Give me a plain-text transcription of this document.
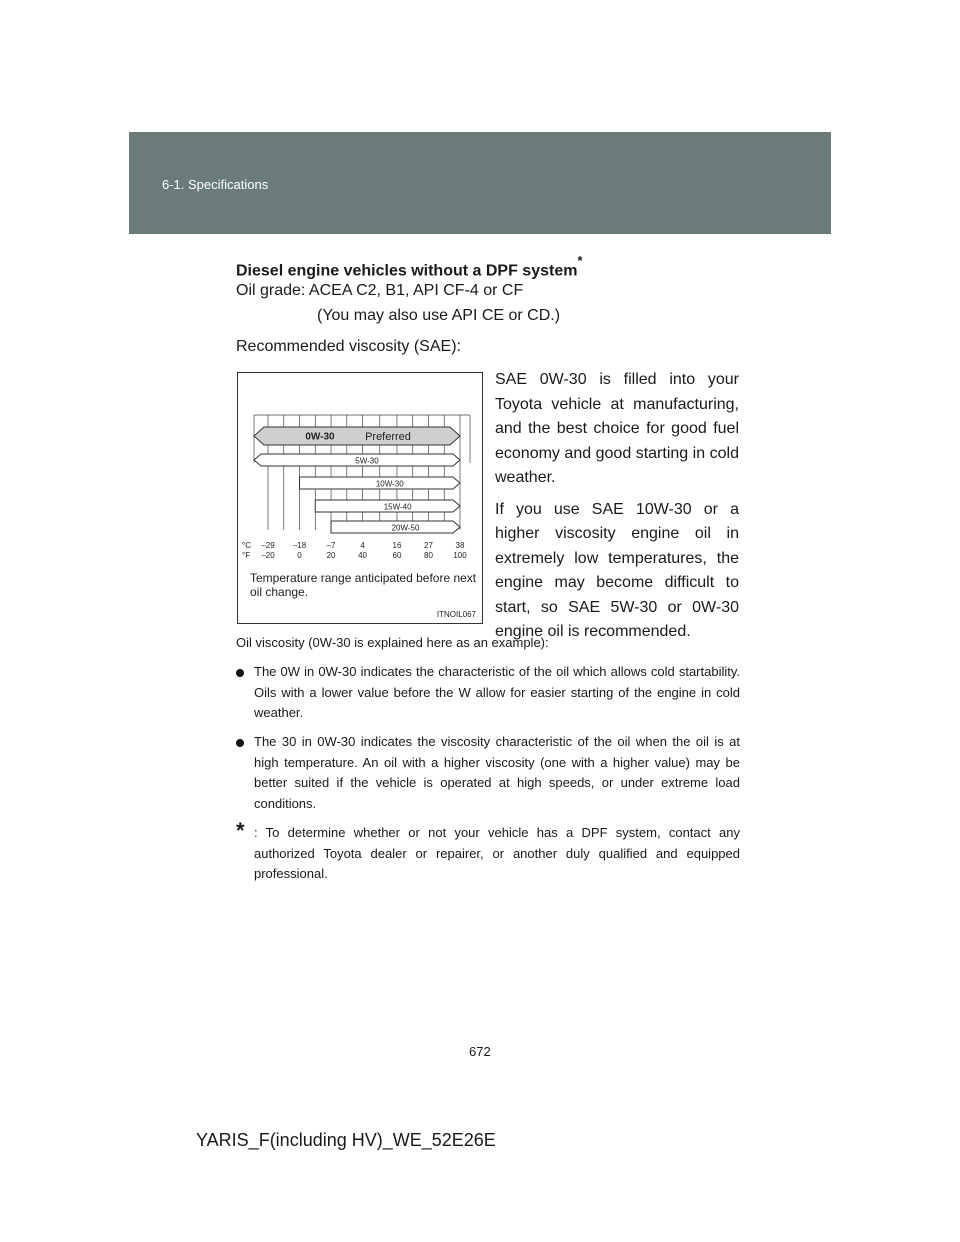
6-1. Specifications
Diesel engine vehicles without a DPF system*
Oil grade: ACEA C2, B1, API CF-4 or CF
(You may also use API CE or CD.)
Recommended viscosity (SAE):

SAE 0W-30 is filled into your Toyota vehicle at manufacturing, and the best choice for good fuel economy and good starting in cold weather.

If you use SAE 10W-30 or a higher viscosity engine oil in extremely low temperatures, the engine may become difficult to start, so SAE 5W-30 or 0W-30 engine oil is recommended.

0W-30	Preferred
5W-30
10W-30
15W-40
20W-50
°C
°F
–29 –18	–7	4	16	27	38
–20	0	20	40	60	80	100
Temperature range anticipated before next oil change.
ITNOIL067
Oil viscosity (0W-30 is explained here as an example):
The 0W in 0W-30 indicates the characteristic of the oil which allows cold startability. Oils with a lower value before the W allow for easier starting of the engine in cold weather.
The 30 in 0W-30 indicates the viscosity characteristic of the oil when the oil is at high temperature. An oil with a higher viscosity (one with a higher value) may be better suited if the vehicle is operated at high speeds, or under extreme load conditions.
* : To determine whether or not your vehicle has a DPF system, contact any authorized Toyota dealer or repairer, or another duly qualified and equipped professional.
672
YARIS_F(including HV)_WE_52E26E
